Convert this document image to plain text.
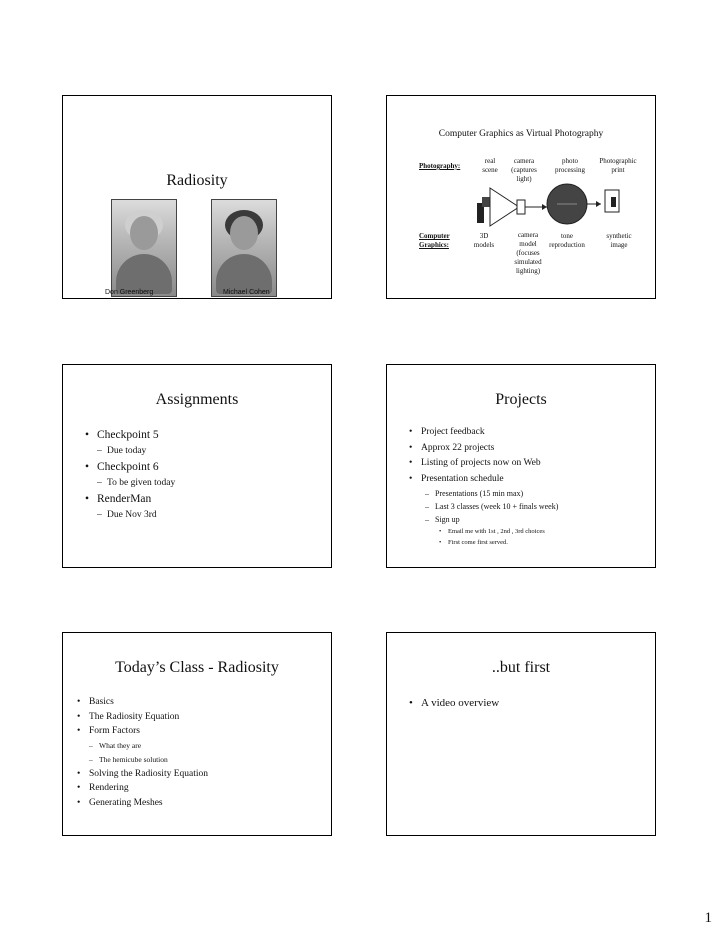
Radiosity
Don Greenberg	Michael Cohen
Computer Graphics as Virtual Photography
Photography:
real
scene
camera
(captures
light)
photo
processing
Photographic
print
Computer
Graphics:
3D
models
camera
model
(focuses
simulated
lighting)
tone
reproduction
synthetic
image
Assignments
• Checkpoint 5
– Due today
• Checkpoint 6
– To be given today
• RenderMan
– Due Nov 3rd
Projects
• Project feedback
• Approx 22 projects
• Listing of projects now on Web
• Presentation schedule
– Presentations (15 min max)
– Last 3 classes (week 10 + finals week)
– Sign up
• Email me with 1st , 2nd , 3rd choices
• First come first served.
Today’s Class - Radiosity
• Basics
• The Radiosity Equation
• Form Factors
– What they are
– The hemicube solution
• Solving the Radiosity Equation
• Rendering
• Generating Meshes
..but first
• A video overview
1
